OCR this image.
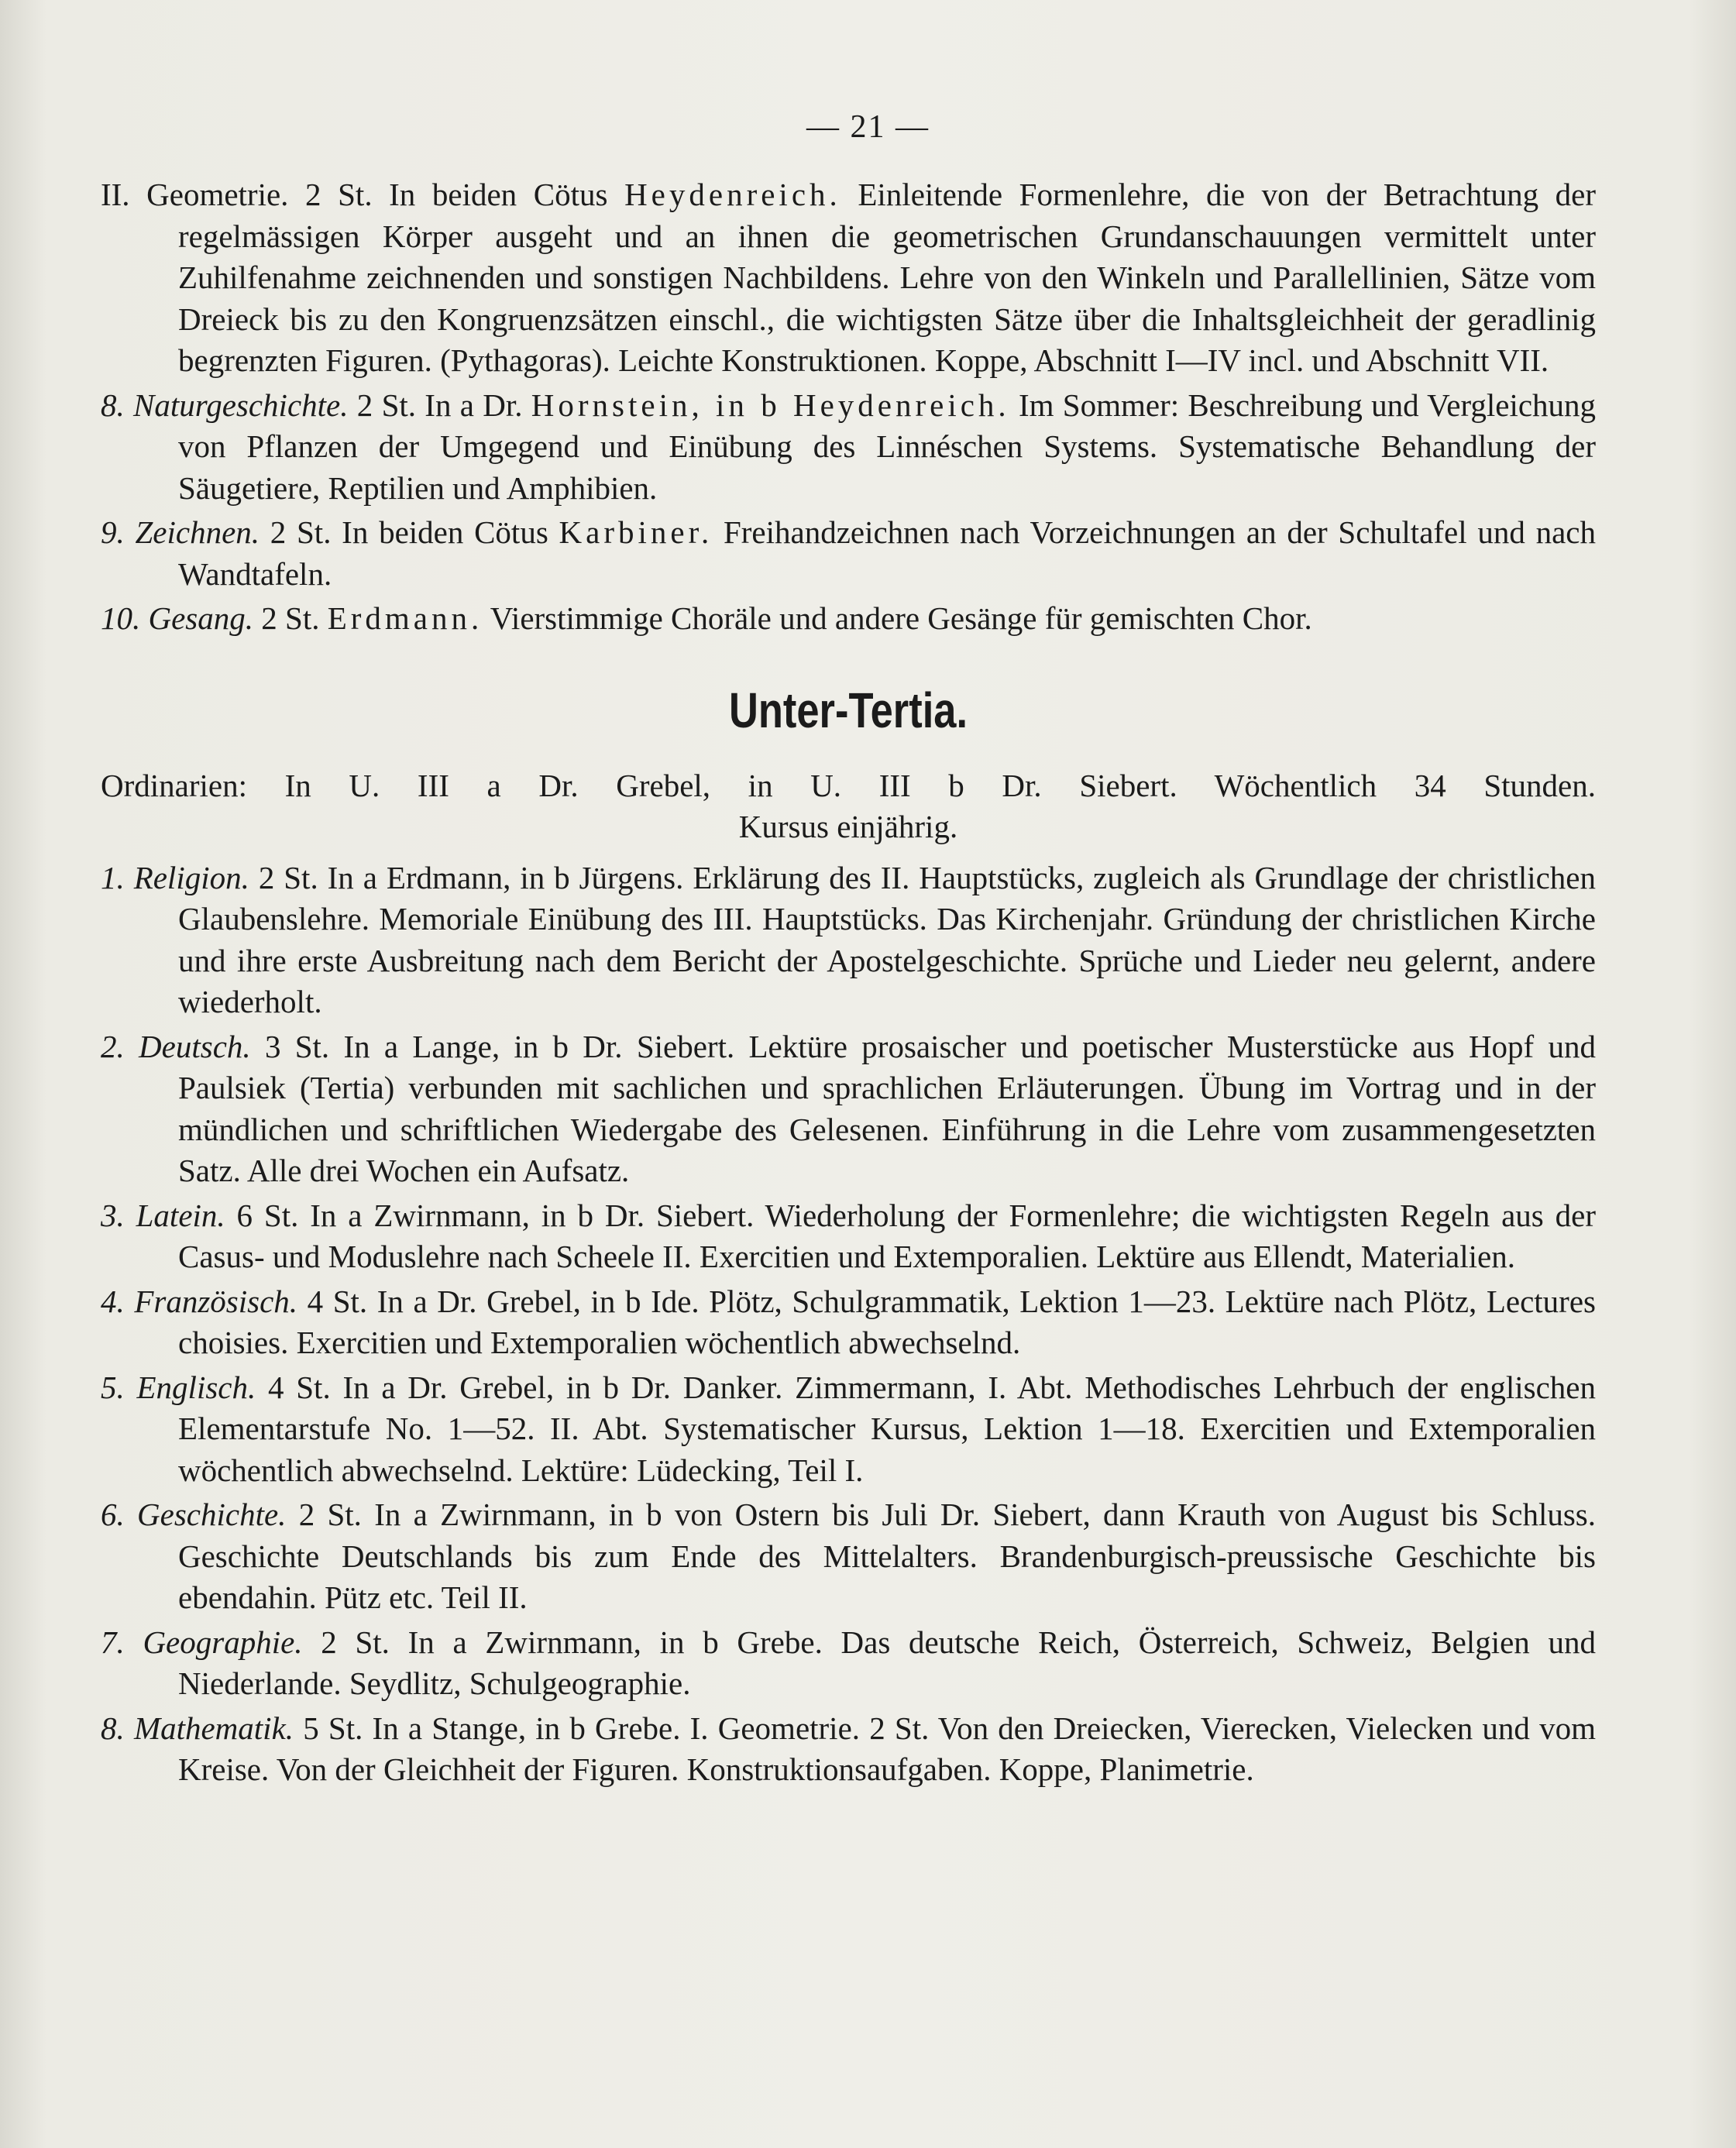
— 21 —
II. Geometrie. 2 St. In beiden Cötus Heydenreich. Einleitende Formenlehre, die von der Betrachtung der regelmässigen Körper ausgeht und an ihnen die geometrischen Grundanschauungen vermittelt unter Zuhilfenahme zeichnenden und sonstigen Nachbildens. Lehre von den Winkeln und Parallellinien, Sätze vom Dreieck bis zu den Kongruenzsätzen einschl., die wichtigsten Sätze über die Inhaltsgleichheit der geradlinig begrenzten Figuren. (Pythagoras). Leichte Konstruktionen. Koppe, Abschnitt I—IV incl. und Abschnitt VII.
8. Naturgeschichte. 2 St. In a Dr. Hornstein, in b Heydenreich. Im Sommer: Beschreibung und Vergleichung von Pflanzen der Umgegend und Einübung des Linnéschen Systems. Systematische Behandlung der Säugetiere, Reptilien und Amphibien.
9. Zeichnen. 2 St. In beiden Cötus Karbiner. Freihandzeichnen nach Vorzeichnungen an der Schultafel und nach Wandtafeln.
10. Gesang. 2 St. Erdmann. Vierstimmige Choräle und andere Gesänge für gemischten Chor.
Unter-Tertia.
Ordinarien: In U. III a Dr. Grebel, in U. III b Dr. Siebert. Wöchentlich 34 Stunden.
Kursus einjährig.
1. Religion. 2 St. In a Erdmann, in b Jürgens. Erklärung des II. Hauptstücks, zugleich als Grundlage der christlichen Glaubenslehre. Memoriale Einübung des III. Hauptstücks. Das Kirchenjahr. Gründung der christlichen Kirche und ihre erste Ausbreitung nach dem Bericht der Apostelgeschichte. Sprüche und Lieder neu gelernt, andere wiederholt.
2. Deutsch. 3 St. In a Lange, in b Dr. Siebert. Lektüre prosaischer und poetischer Musterstücke aus Hopf und Paulsiek (Tertia) verbunden mit sachlichen und sprachlichen Erläuterungen. Übung im Vortrag und in der mündlichen und schriftlichen Wiedergabe des Gelesenen. Einführung in die Lehre vom zusammengesetzten Satz. Alle drei Wochen ein Aufsatz.
3. Latein. 6 St. In a Zwirnmann, in b Dr. Siebert. Wiederholung der Formenlehre; die wichtigsten Regeln aus der Casus- und Moduslehre nach Scheele II. Exercitien und Extemporalien. Lektüre aus Ellendt, Materialien.
4. Französisch. 4 St. In a Dr. Grebel, in b Ide. Plötz, Schulgrammatik, Lektion 1—23. Lektüre nach Plötz, Lectures choisies. Exercitien und Extemporalien wöchentlich abwechselnd.
5. Englisch. 4 St. In a Dr. Grebel, in b Dr. Danker. Zimmermann, I. Abt. Methodisches Lehrbuch der englischen Elementarstufe No. 1—52. II. Abt. Systematischer Kursus, Lektion 1—18. Exercitien und Extemporalien wöchentlich abwechselnd. Lektüre: Lüdecking, Teil I.
6. Geschichte. 2 St. In a Zwirnmann, in b von Ostern bis Juli Dr. Siebert, dann Krauth von August bis Schluss. Geschichte Deutschlands bis zum Ende des Mittelalters. Brandenburgisch-preussische Geschichte bis ebendahin. Pütz etc. Teil II.
7. Geographie. 2 St. In a Zwirnmann, in b Grebe. Das deutsche Reich, Österreich, Schweiz, Belgien und Niederlande. Seydlitz, Schulgeographie.
8. Mathematik. 5 St. In a Stange, in b Grebe. I. Geometrie. 2 St. Von den Dreiecken, Vierecken, Vielecken und vom Kreise. Von der Gleichheit der Figuren. Konstruktionsaufgaben. Koppe, Planimetrie.
